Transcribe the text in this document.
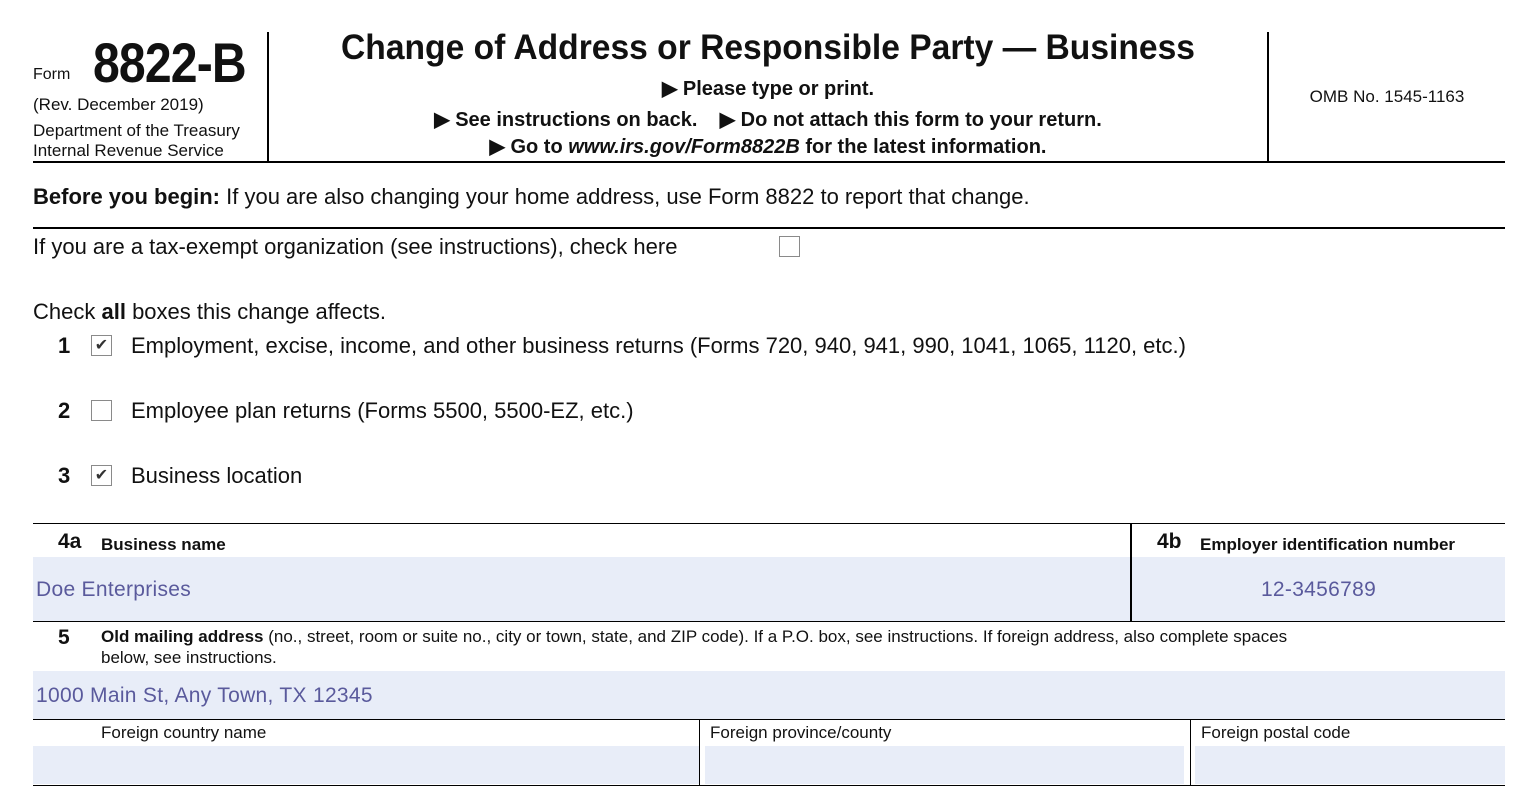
Form 8822-B
(Rev. December 2019)
Department of the Treasury
Internal Revenue Service
Change of Address or Responsible Party — Business
▶ Please type or print.
▶ See instructions on back.    ▶ Do not attach this form to your return.
▶ Go to www.irs.gov/Form8822B for the latest information.
OMB No. 1545-1163
Before you begin: If you are also changing your home address, use Form 8822 to report that change.
If you are a tax-exempt organization (see instructions), check here
Check all boxes this change affects.
1 ✔ Employment, excise, income, and other business returns (Forms 720, 940, 941, 990, 1041, 1065, 1120, etc.)
2	Employee plan returns (Forms 5500, 5500-EZ, etc.)
3 ✔ Business location
4a Business name
Doe Enterprises
4b Employer identification number
12-3456789
5 Old mailing address (no., street, room or suite no., city or town, state, and ZIP code). If a P.O. box, see instructions. If foreign address, also complete spaces
below, see instructions.
1000 Main St, Any Town, TX 12345
Foreign country name	Foreign province/county	Foreign postal code
